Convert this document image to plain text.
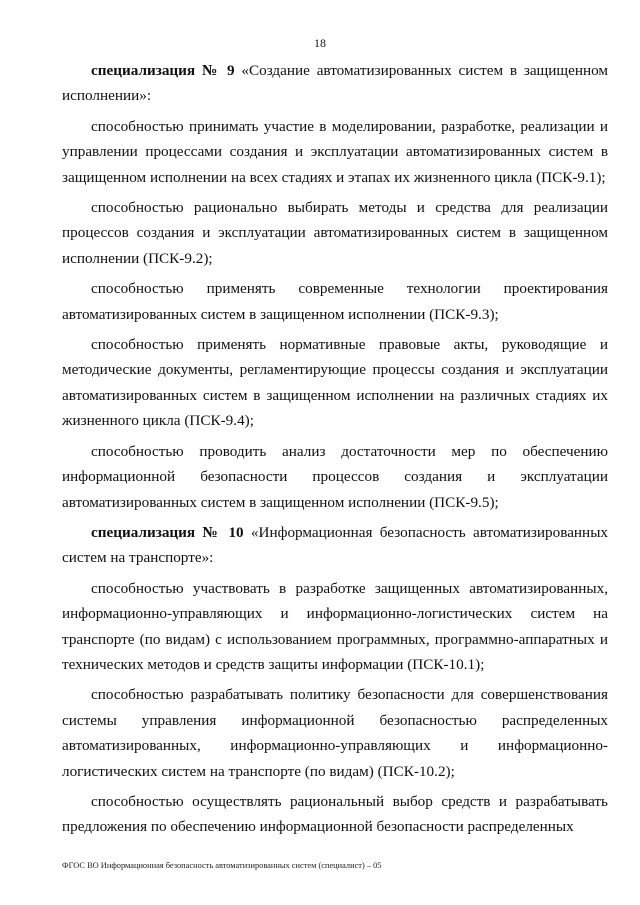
18

специализация № 9 «Создание автоматизированных систем в защищенном исполнении»:

способностью принимать участие в моделировании, разработке, реализации и управлении процессами создания и эксплуатации автоматизированных систем в защищенном исполнении на всех стадиях и этапах их жизненного цикла (ПСК-9.1);

способностью рационально выбирать методы и средства для реализации процессов создания и эксплуатации автоматизированных систем в защищенном исполнении (ПСК-9.2);

способностью применять современные технологии проектирования автоматизированных систем в защищенном исполнении (ПСК-9.3);

способностью применять нормативные правовые акты, руководящие и методические документы, регламентирующие процессы создания и эксплуатации автоматизированных систем в защищенном исполнении на различных стадиях их жизненного цикла (ПСК-9.4);

способностью проводить анализ достаточности мер по обеспечению информационной безопасности процессов создания и эксплуатации автоматизированных систем в защищенном исполнении (ПСК-9.5);

специализация № 10 «Информационная безопасность автоматизированных систем на транспорте»:

способностью участвовать в разработке защищенных автоматизированных, информационно-управляющих и информационно-логистических систем на транспорте (по видам) с использованием программных, программно-аппаратных и технических методов и средств защиты информации (ПСК-10.1);

способностью разрабатывать политику безопасности для совершенствования системы управления информационной безопасностью распределенных автоматизированных, информационно-управляющих и информационно-логистических систем на транспорте (по видам) (ПСК-10.2);

способностью осуществлять рациональный выбор средств и разрабатывать предложения по обеспечению информационной безопасности распределенных

ФГОС ВО Информационная безопасность автоматизированных систем (специалист) – 05
